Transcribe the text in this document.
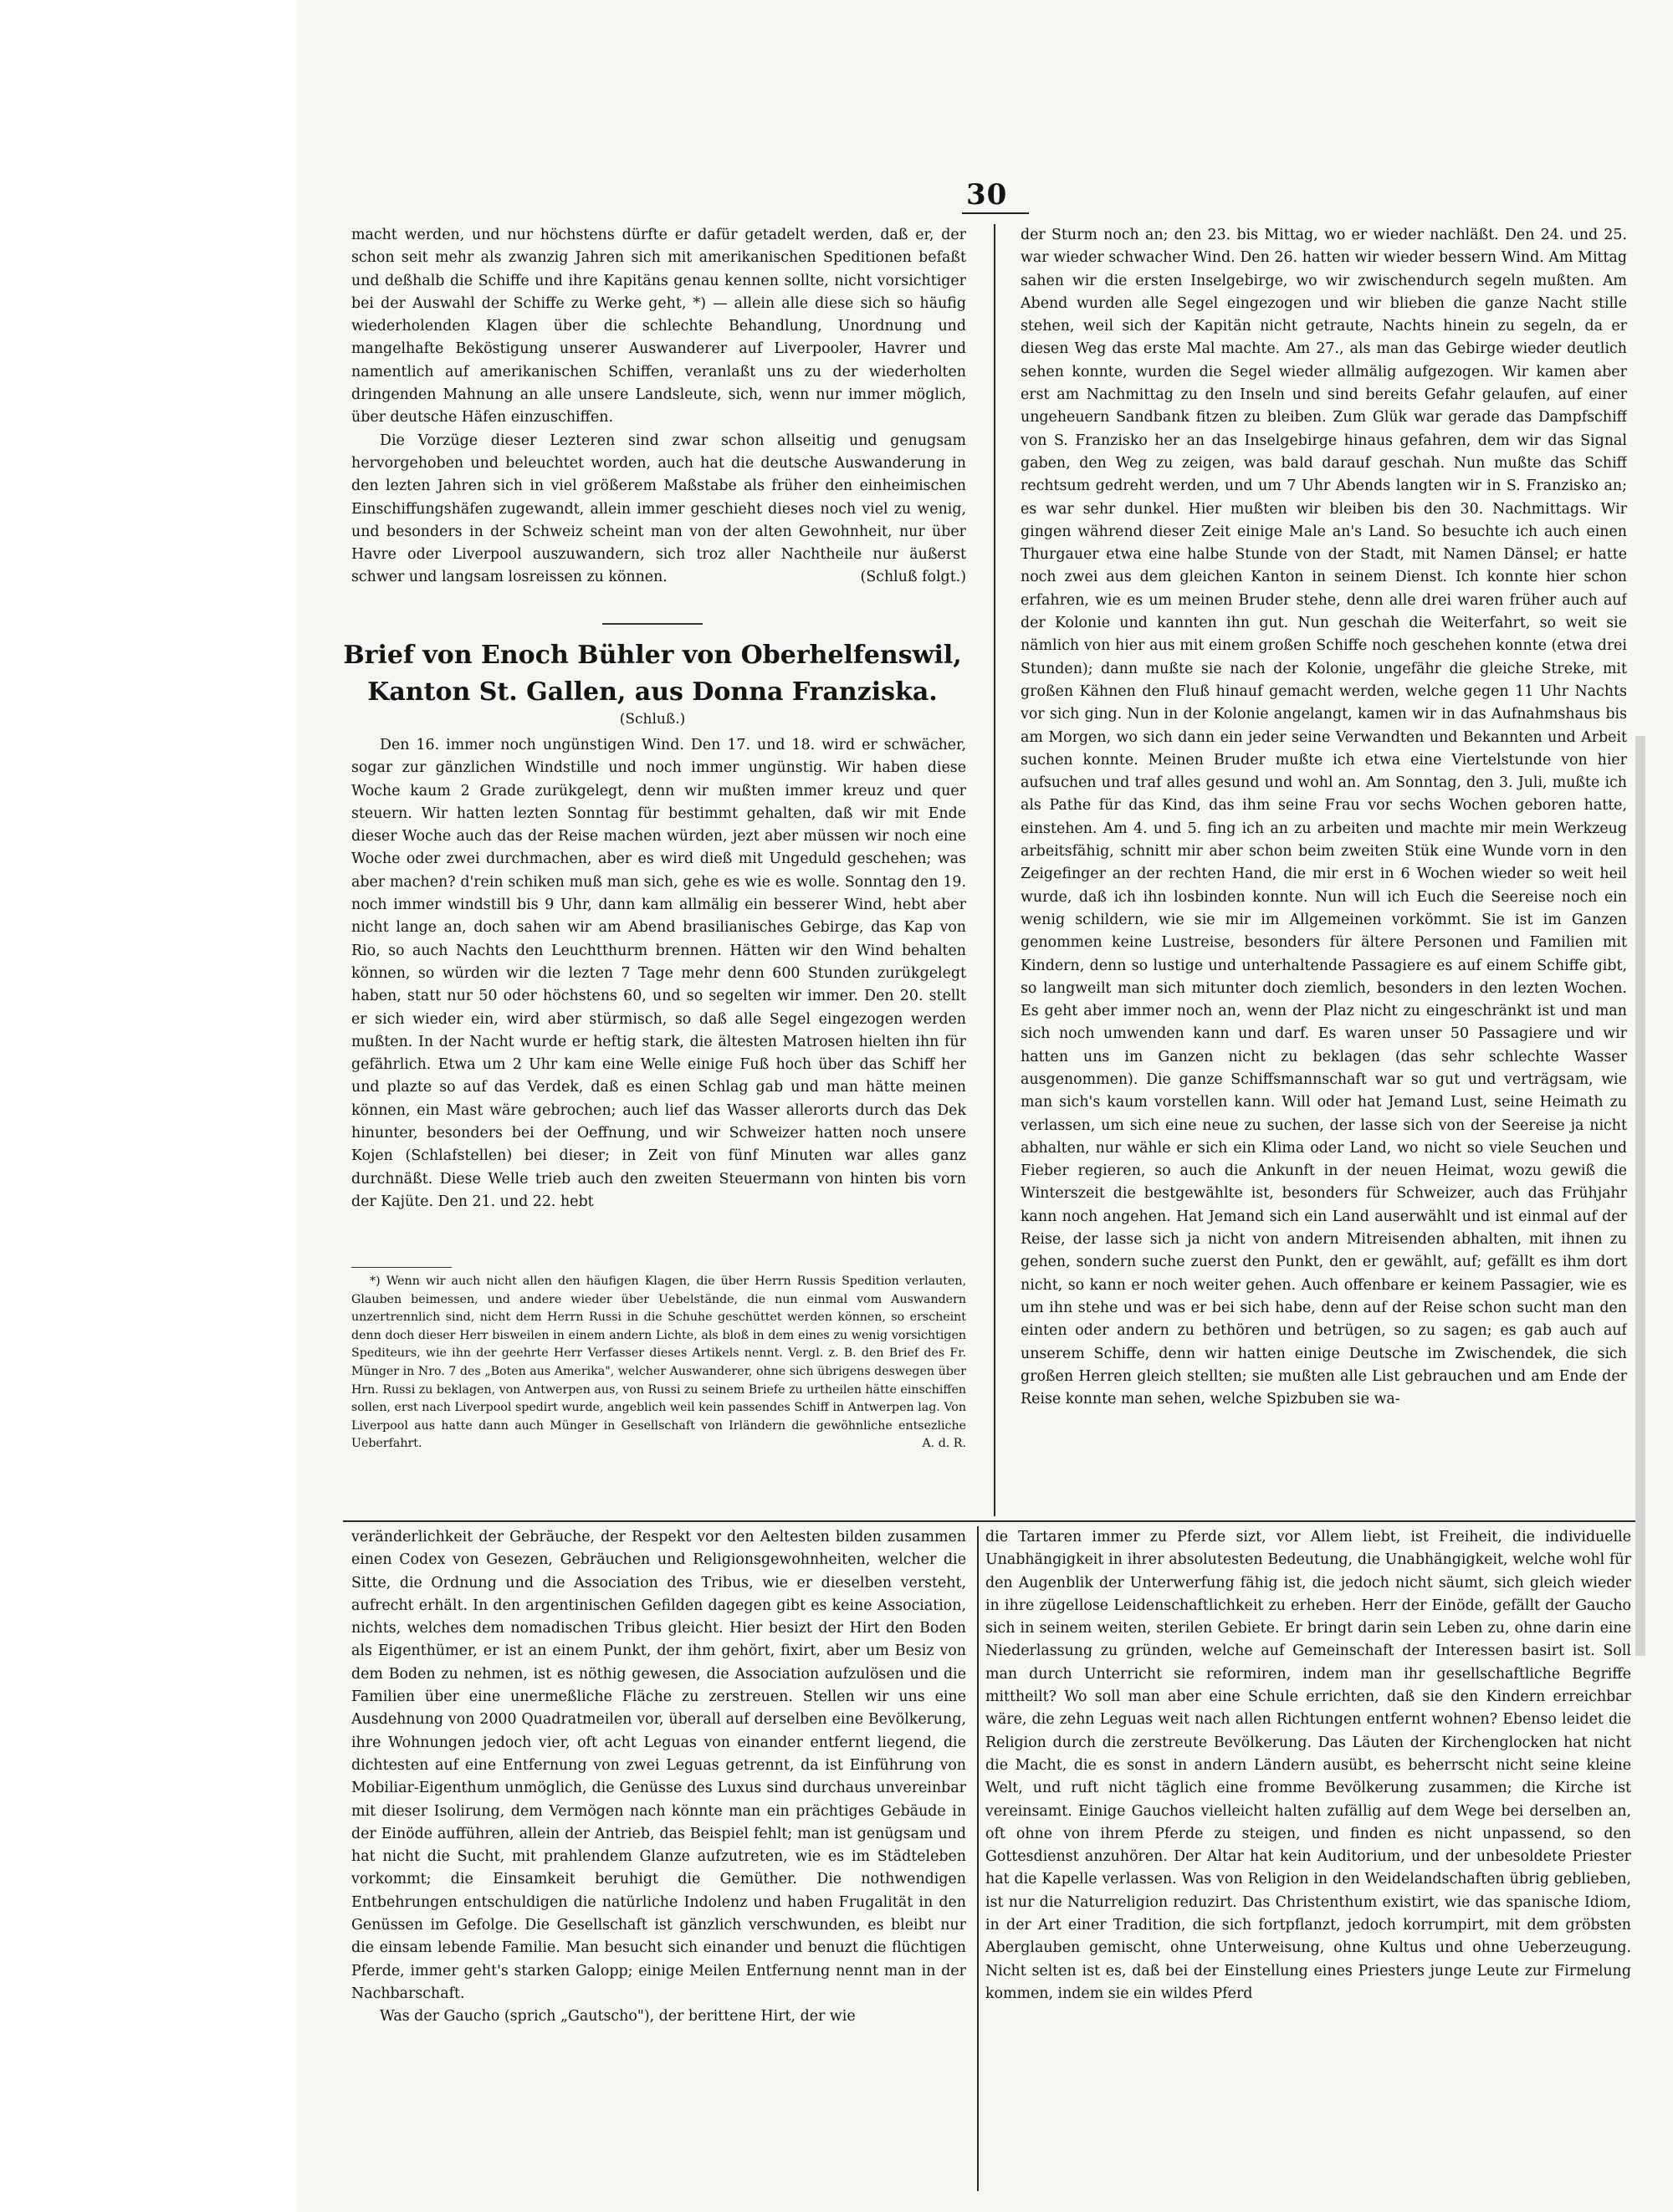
30

macht werden, und nur höchstens dürfte er dafür getadelt werden, daß er, der schon seit mehr als zwanzig Jahren sich mit amerikanischen Speditionen befaßt und deßhalb die Schiffe und ihre Kapitäns genau kennen sollte, nicht vorsichtiger bei der Auswahl der Schiffe zu Werke geht, *) — allein alle diese sich so häufig wiederholenden Klagen über die schlechte Behandlung, Unordnung und mangelhafte Beköstigung unserer Auswanderer auf Liverpooler, Havrer und namentlich auf amerikanischen Schiffen, veranlaßt uns zu der wiederholten dringenden Mahnung an alle unsere Landsleute, sich, wenn nur immer möglich, über deutsche Häfen einzuschiffen.

Die Vorzüge dieser Lezteren sind zwar schon allseitig und genugsam hervorgehoben und beleuchtet worden, auch hat die deutsche Auswanderung in den lezten Jahren sich in viel größerem Maßstabe als früher den einheimischen Einschiffungshäfen zugewandt, allein immer geschieht dieses noch viel zu wenig, und besonders in der Schweiz scheint man von der alten Gewohnheit, nur über Havre oder Liverpool auszuwandern, sich troz aller Nachtheile nur äußerst schwer und langsam losreissen zu können.	(Schluß folgt.)

Brief von Enoch Bühler von Oberhelfenswil,
Kanton St. Gallen, aus Donna Franziska.
(Schluß.)

Den 16. immer noch ungünstigen Wind. Den 17. und 18. wird er schwächer, sogar zur gänzlichen Windstille und noch immer ungünstig. Wir haben diese Woche kaum 2 Grade zurükgelegt, denn wir mußten immer kreuz und quer steuern. Wir hatten lezten Sonntag für bestimmt gehalten, daß wir mit Ende dieser Woche auch das der Reise machen würden, jezt aber müssen wir noch eine Woche oder zwei durchmachen, aber es wird dieß mit Ungeduld geschehen; was aber machen? d'rein schiken muß man sich, gehe es wie es wolle. Sonntag den 19. noch immer windstill bis 9 Uhr, dann kam allmälig ein besserer Wind, hebt aber nicht lange an, doch sahen wir am Abend brasilianisches Gebirge, das Kap von Rio, so auch Nachts den Leuchtthurm brennen. Hätten wir den Wind behalten können, so würden wir die lezten 7 Tage mehr denn 600 Stunden zurükgelegt haben, statt nur 50 oder höchstens 60, und so segelten wir immer. Den 20. stellt er sich wieder ein, wird aber stürmisch, so daß alle Segel eingezogen werden mußten. In der Nacht wurde er heftig stark, die ältesten Matrosen hielten ihn für gefährlich. Etwa um 2 Uhr kam eine Welle einige Fuß hoch über das Schiff her und plazte so auf das Verdek, daß es einen Schlag gab und man hätte meinen können, ein Mast wäre gebrochen; auch lief das Wasser allerorts durch das Dek hinunter, besonders bei der Oeffnung, und wir Schweizer hatten noch unsere Kojen (Schlafstellen) bei dieser; in Zeit von fünf Minuten war alles ganz durchnäßt. Diese Welle trieb auch den zweiten Steuermann von hinten bis vorn der Kajüte. Den 21. und 22. hebt

*) Wenn wir auch nicht allen den häufigen Klagen, die über Herrn Russis Spedition verlauten, Glauben beimessen, und andere wieder über Uebelstände, die nun einmal vom Auswandern unzertrennlich sind, nicht dem Herrn Russi in die Schuhe geschüttet werden können, so erscheint denn doch dieser Herr bisweilen in einem andern Lichte, als bloß in dem eines zu wenig vorsichtigen Spediteurs, wie ihn der geehrte Herr Verfasser dieses Artikels nennt. Vergl. z. B. den Brief des Fr. Münger in Nro. 7 des „Boten aus Amerika", welcher Auswanderer, ohne sich übrigens deswegen über Hrn. Russi zu beklagen, von Antwerpen aus, von Russi zu seinem Briefe zu urtheilen hätte einschiffen sollen, erst nach Liverpool spedirt wurde, angeblich weil kein passendes Schiff in Antwerpen lag. Von Liverpool aus hatte dann auch Münger in Gesellschaft von Irländern die gewöhnliche entsezliche Ueberfahrt.	A. d. R.

der Sturm noch an; den 23. bis Mittag, wo er wieder nachläßt. Den 24. und 25. war wieder schwacher Wind. Den 26. hatten wir wieder bessern Wind. Am Mittag sahen wir die ersten Inselgebirge, wo wir zwischendurch segeln mußten. Am Abend wurden alle Segel eingezogen und wir blieben die ganze Nacht stille stehen, weil sich der Kapitän nicht getraute, Nachts hinein zu segeln, da er diesen Weg das erste Mal machte. Am 27., als man das Gebirge wieder deutlich sehen konnte, wurden die Segel wieder allmälig aufgezogen. Wir kamen aber erst am Nachmittag zu den Inseln und sind bereits Gefahr gelaufen, auf einer ungeheuern Sandbank fitzen zu bleiben. Zum Glük war gerade das Dampfschiff von S. Franzisko her an das Inselgebirge hinaus gefahren, dem wir das Signal gaben, den Weg zu zeigen, was bald darauf geschah. Nun mußte das Schiff rechtsum gedreht werden, und um 7 Uhr Abends langten wir in S. Franzisko an; es war sehr dunkel. Hier mußten wir bleiben bis den 30. Nachmittags. Wir gingen während dieser Zeit einige Male an's Land. So besuchte ich auch einen Thurgauer etwa eine halbe Stunde von der Stadt, mit Namen Dänsel; er hatte noch zwei aus dem gleichen Kanton in seinem Dienst. Ich konnte hier schon erfahren, wie es um meinen Bruder stehe, denn alle drei waren früher auch auf der Kolonie und kannten ihn gut. Nun geschah die Weiterfahrt, so weit sie nämlich von hier aus mit einem großen Schiffe noch geschehen konnte (etwa drei Stunden); dann mußte sie nach der Kolonie, ungefähr die gleiche Streke, mit großen Kähnen den Fluß hinauf gemacht werden, welche gegen 11 Uhr Nachts vor sich ging. Nun in der Kolonie angelangt, kamen wir in das Aufnahmshaus bis am Morgen, wo sich dann ein jeder seine Verwandten und Bekannten und Arbeit suchen konnte. Meinen Bruder mußte ich etwa eine Viertelstunde von hier aufsuchen und traf alles gesund und wohl an. Am Sonntag, den 3. Juli, mußte ich als Pathe für das Kind, das ihm seine Frau vor sechs Wochen geboren hatte, einstehen. Am 4. und 5. fing ich an zu arbeiten und machte mir mein Werkzeug arbeitsfähig, schnitt mir aber schon beim zweiten Stük eine Wunde vorn in den Zeigefinger an der rechten Hand, die mir erst in 6 Wochen wieder so weit heil wurde, daß ich ihn losbinden konnte. Nun will ich Euch die Seereise noch ein wenig schildern, wie sie mir im Allgemeinen vorkömmt. Sie ist im Ganzen genommen keine Lustreise, besonders für ältere Personen und Familien mit Kindern, denn so lustige und unterhaltende Passagiere es auf einem Schiffe gibt, so langweilt man sich mitunter doch ziemlich, besonders in den lezten Wochen. Es geht aber immer noch an, wenn der Plaz nicht zu eingeschränkt ist und man sich noch umwenden kann und darf. Es waren unser 50 Passagiere und wir hatten uns im Ganzen nicht zu beklagen (das sehr schlechte Wasser ausgenommen). Die ganze Schiffsmannschaft war so gut und verträgsam, wie man sich's kaum vorstellen kann. Will oder hat Jemand Lust, seine Heimath zu verlassen, um sich eine neue zu suchen, der lasse sich von der Seereise ja nicht abhalten, nur wähle er sich ein Klima oder Land, wo nicht so viele Seuchen und Fieber regieren, so auch die Ankunft in der neuen Heimat, wozu gewiß die Winterszeit die bestgewählte ist, besonders für Schweizer, auch das Frühjahr kann noch angehen. Hat Jemand sich ein Land auserwählt und ist einmal auf der Reise, der lasse sich ja nicht von andern Mitreisenden abhalten, mit ihnen zu gehen, sondern suche zuerst den Punkt, den er gewählt, auf; gefällt es ihm dort nicht, so kann er noch weiter gehen. Auch offenbare er keinem Passagier, wie es um ihn stehe und was er bei sich habe, denn auf der Reise schon sucht man den einten oder andern zu bethören und betrügen, so zu sagen; es gab auch auf unserem Schiffe, denn wir hatten einige Deutsche im Zwischendek, die sich großen Herren gleich stellten; sie mußten alle List gebrauchen und am Ende der Reise konnte man sehen, welche Spizbuben sie wa-

veränderlichkeit der Gebräuche, der Respekt vor den Aeltesten bilden zusammen einen Codex von Gesezen, Gebräuchen und Religionsgewohnheiten, welcher die Sitte, die Ordnung und die Association des Tribus, wie er dieselben versteht, aufrecht erhält. In den argentinischen Gefilden dagegen gibt es keine Association, nichts, welches dem nomadischen Tribus gleicht. Hier besizt der Hirt den Boden als Eigenthümer, er ist an einem Punkt, der ihm gehört, fixirt, aber um Besiz von dem Boden zu nehmen, ist es nöthig gewesen, die Association aufzulösen und die Familien über eine unermeßliche Fläche zu zerstreuen. Stellen wir uns eine Ausdehnung von 2000 Quadratmeilen vor, überall auf derselben eine Bevölkerung, ihre Wohnungen jedoch vier, oft acht Leguas von einander entfernt liegend, die dichtesten auf eine Entfernung von zwei Leguas getrennt, da ist Einführung von Mobiliar-Eigenthum unmöglich, die Genüsse des Luxus sind durchaus unvereinbar mit dieser Isolirung, dem Vermögen nach könnte man ein prächtiges Gebäude in der Einöde aufführen, allein der Antrieb, das Beispiel fehlt; man ist genügsam und hat nicht die Sucht, mit prahlendem Glanze aufzutreten, wie es im Städteleben vorkommt; die Einsamkeit beruhigt die Gemüther. Die nothwendigen Entbehrungen entschuldigen die natürliche Indolenz und haben Frugalität in den Genüssen im Gefolge. Die Gesellschaft ist gänzlich verschwunden, es bleibt nur die einsam lebende Familie. Man besucht sich einander und benuzt die flüchtigen Pferde, immer geht's starken Galopp; einige Meilen Entfernung nennt man in der Nachbarschaft.

Was der Gaucho (sprich „Gautscho"), der berittene Hirt, der wie

die Tartaren immer zu Pferde sizt, vor Allem liebt, ist Freiheit, die individuelle Unabhängigkeit in ihrer absolutesten Bedeutung, die Unabhängigkeit, welche wohl für den Augenblik der Unterwerfung fähig ist, die jedoch nicht säumt, sich gleich wieder in ihre zügellose Leidenschaftlichkeit zu erheben. Herr der Einöde, gefällt der Gaucho sich in seinem weiten, sterilen Gebiete. Er bringt darin sein Leben zu, ohne darin eine Niederlassung zu gründen, welche auf Gemeinschaft der Interessen basirt ist. Soll man durch Unterricht sie reformiren, indem man ihr gesellschaftliche Begriffe mittheilt? Wo soll man aber eine Schule errichten, daß sie den Kindern erreichbar wäre, die zehn Leguas weit nach allen Richtungen entfernt wohnen? Ebenso leidet die Religion durch die zerstreute Bevölkerung. Das Läuten der Kirchenglocken hat nicht die Macht, die es sonst in andern Ländern ausübt, es beherrscht nicht seine kleine Welt, und ruft nicht täglich eine fromme Bevölkerung zusammen; die Kirche ist vereinsamt. Einige Gauchos vielleicht halten zufällig auf dem Wege bei derselben an, oft ohne von ihrem Pferde zu steigen, und finden es nicht unpassend, so den Gottesdienst anzuhören. Der Altar hat kein Auditorium, und der unbesoldete Priester hat die Kapelle verlassen. Was von Religion in den Weidelandschaften übrig geblieben, ist nur die Naturreligion reduzirt. Das Christenthum existirt, wie das spanische Idiom, in der Art einer Tradition, die sich fortpflanzt, jedoch korrumpirt, mit dem gröbsten Aberglauben gemischt, ohne Unterweisung, ohne Kultus und ohne Ueberzeugung. Nicht selten ist es, daß bei der Einstellung eines Priesters junge Leute zur Firmelung kommen, indem sie ein wildes Pferd
